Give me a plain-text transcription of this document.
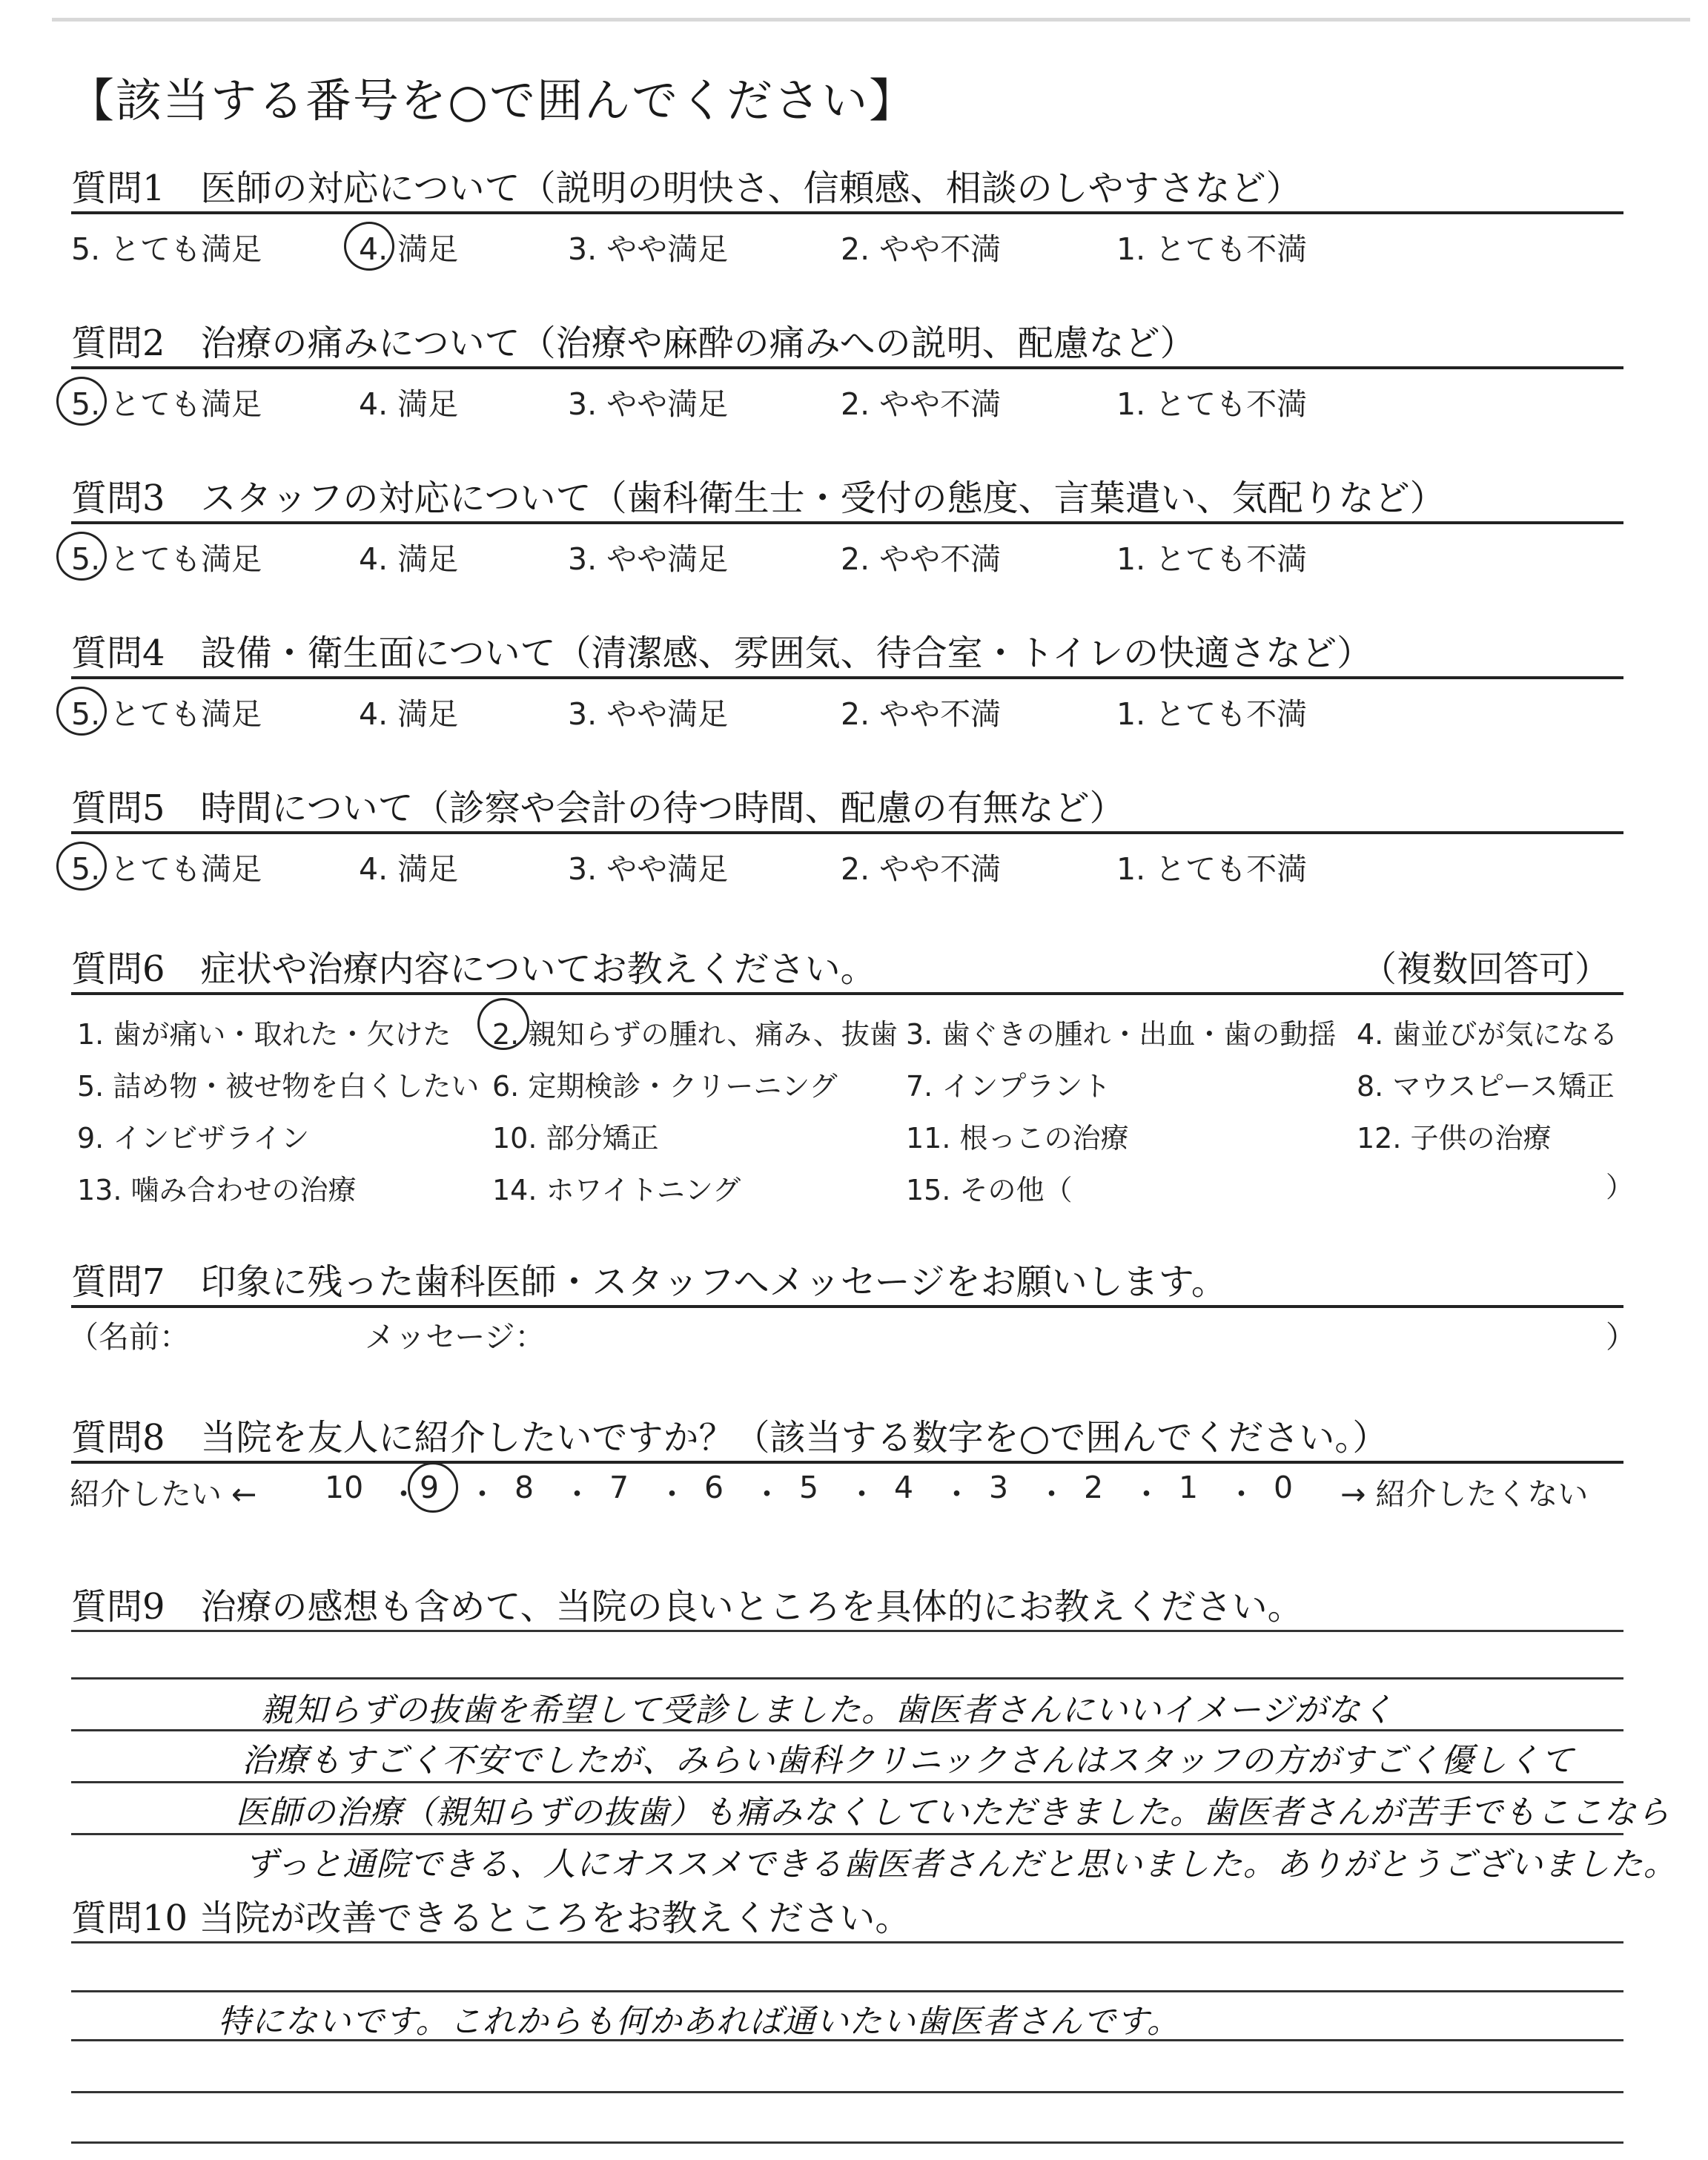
【該当する番号を○で囲んでください】
質問1　医師の対応について（説明の明快さ、信頼感、相談のしやすさなど）
5. とても満足	4. 満足	3. やや満足	2. やや不満	1. とても不満
質問2　治療の痛みについて（治療や麻酔の痛みへの説明、配慮など）
5. とても満足	4. 満足	3. やや満足	2. やや不満	1. とても不満
質問3　スタッフの対応について（歯科衛生士・受付の態度、言葉遣い、気配りなど）
5. とても満足	4. 満足	3. やや満足	2. やや不満	1. とても不満
質問4　設備・衛生面について（清潔感、雰囲気、待合室・トイレの快適さなど）
5. とても満足	4. 満足	3. やや満足	2. やや不満	1. とても不満
質問5　時間について（診察や会計の待つ時間、配慮の有無など）
5. とても満足	4. 満足	3. やや満足	2. やや不満	1. とても不満
質問6　症状や治療内容についてお教えください。	（複数回答可）
1. 歯が痛い・取れた・欠けた 2. 親知らずの腫れ、痛み、抜歯 3. 歯ぐきの腫れ・出血・歯の動揺 4. 歯並びが気になる
5. 詰め物・被せ物を白くしたい 6. 定期検診・クリーニング 7. インプラント	8. マウスピース矯正
9. インビザライン	10. 部分矯正	11. 根っこの治療	12. 子供の治療
13. 噛み合わせの治療	14. ホワイトニング	15. その他（	）
質問7　印象に残った歯科医師・スタッフへメッセージをお願いします。
（名前：	メッセージ：	）
質問8　当院を友人に紹介したいですか？（該当する数字を○で囲んでください。）
紹介したい ← 10 ・ 9 ・ 8 ・ 7 ・ 6 ・ 5 ・ 4 ・ 3 ・ 2 ・ 1 ・ 0 → 紹介したくない
質問9　治療の感想も含めて、当院の良いところを具体的にお教えください。
親知らずの抜歯を希望して受診しました。歯医者さんにいいイメージがなく
治療もすごく不安でしたが、みらい歯科クリニックさんはスタッフの方がすごく優しくて
医師の治療（親知らずの抜歯）も痛みなくしていただきました。歯医者さんが苦手でもここなら
ずっと通院できる、人にオススメできる歯医者さんだと思いました。ありがとうございました。
質問10 当院が改善できるところをお教えください。
特にないです。これからも何かあれば通いたい歯医者さんです。
